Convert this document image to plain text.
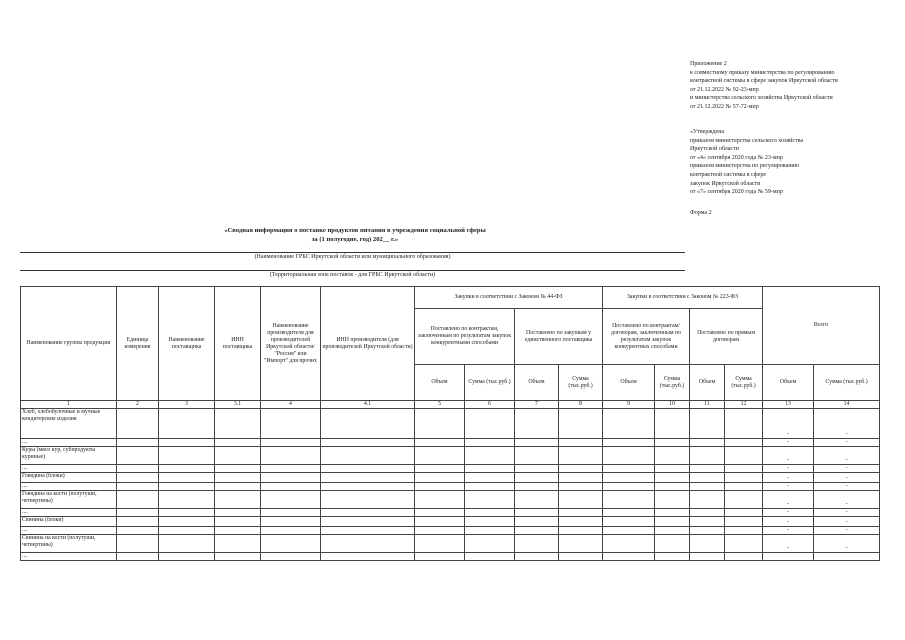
Приложение 2
к совместному приказу министерства по регулированию
контрактной системы в сфере закупок Иркутской области
от 21.12.2022 № 92-23-мпр
и министерства сельского хозяйства Иркутской области
от 21.12.2022 № 57-72-мпр
«Утверждена
приказом министерства сельского хозяйства
Иркутской области
от «4» сентября 2020 года № 23-мпр
приказом министерства по регулированию
контрактной системы в сфере
закупок Иркутской области
от «7» сентября 2020 года № 59-мпр
Форма 2
«Сводная информация о поставке продуктов питания в учреждения социальной сферы
за (1 полугодие, год) 202__ г.»
(Наименование ГРБС Иркутской области или муниципального образования)
(Территориальная зона поставок - для ГРБС Иркутской области)
Наименование группы продукции	Единица измерения	Наименование поставщика	ИНН поставщика	Наименование производителя для производителей Иркутской области/ "Россия" или "Импорт" для прочих	ИНН производителя (для производителей Иркутской области)	Закупки в соответствии с Законом № 44-ФЗ				Закупки в соответствии с Законом № 223-ФЗ				Всего	
						Поставлено по контрактам, заключенным по результатам закупок конкурентными способами		Поставлено по закупкам у единственного поставщика		Поставлено по контрактам/договорам, заключенным по результатам закупок конкурентных способами		Поставлено по прямым договорам			
						Объем	Сумма (тыс.руб.)	Объем	Сумма (тыс.руб.)	Объем	Сумма (тыс.руб.)	Объем	Сумма (тыс.руб.)	Объем	Сумма (тыс.руб.)
1	2	3	3.1	4	4.1	5	6	7	8	9	10	11	12	13	14
Хлеб, хлебобулочные и мучные кондитерские изделия														-	-
....														-	-
Куры (мясо кур, субпродукты куриные)														-	-
....														-	-
Говядина (блоки)														-	-
....														-	-
Говядина на кости (полутуши, четвертины)														-	-
....														-	-
Свинина (блоки)														-	-
....														-	-
Свинина на кости (полутуши, четвертины)														-	-
....															
